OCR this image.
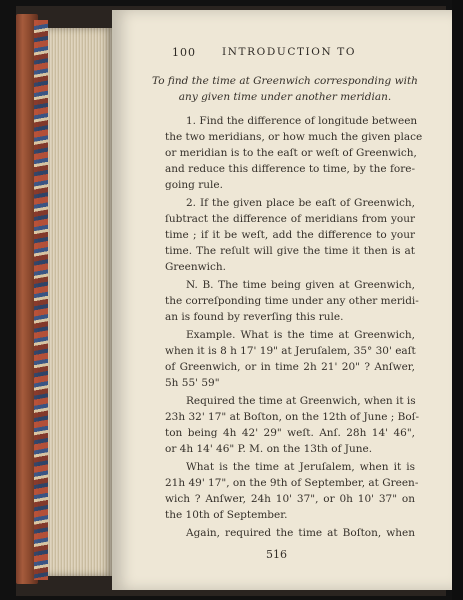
100 INTRODUCTION TO
To find the time at Greenwich corresponding with
any given time under another meridian.
1. Find the difference of longitude between
the two meridians, or how much the given place
or meridian is to the eaſt or weſt of Greenwich,
and reduce this difference to time, by the fore-
going rule.
2. If the given place be eaſt of Greenwich,
ſubtract the difference of meridians from your
time ; if it be weſt, add the difference to your
time. The reſult will give the time it then is at
Greenwich.
N. B. The time being given at Greenwich,
the correſponding time under any other meridi-
an is found by reverſing this rule.
Example. What is the time at Greenwich,
when it is 8 h 17' 19" at Jeruſalem, 35° 30' eaſt
of Greenwich, or in time 2h 21' 20" ? Anſwer,
5h 55' 59"
Required the time at Greenwich, when it is
23h 32' 17" at Boſton, on the 12th of June ; Boſ-
ton being 4h 42' 29" weſt. Anſ. 28h 14' 46",
or 4h 14' 46" P. M. on the 13th of June.
What is the time at Jeruſalem, when it is
21h 49' 17", on the 9th of September, at Green-
wich ? Anſwer, 24h 10' 37", or 0h 10' 37" on
the 10th of September.
Again, required the time at Boſton, when
516
